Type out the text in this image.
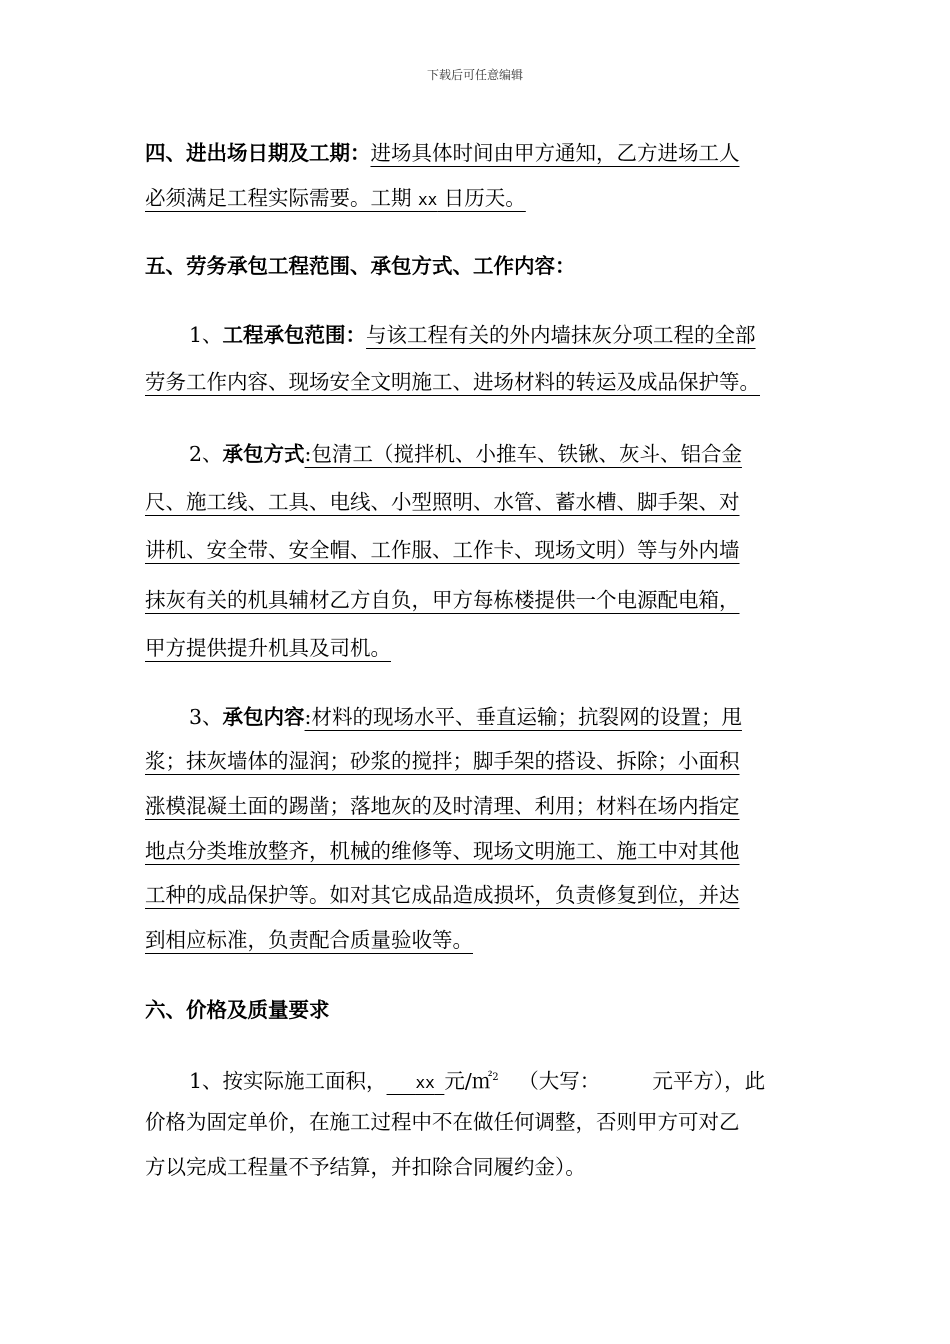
下载后可任意编辑
四、进出场日期及工期：进场具体时间由甲方通知，乙方进场工人
必须满足工程实际需要。工期 xx 日历天。
五、劳务承包工程范围、承包方式、工作内容：
1、工程承包范围：与该工程有关的外内墙抹灰分项工程的全部
劳务工作内容、现场安全文明施工、进场材料的转运及成品保护等。
2、承包方式:包清工（搅拌机、小推车、铁锹、灰斗、铝合金
尺、施工线、工具、电线、小型照明、水管、蓄水槽、脚手架、对
讲机、安全带、安全帽、工作服、工作卡、现场文明）等与外内墙
抹灰有关的机具辅材乙方自负，甲方每栋楼提供一个电源配电箱，
甲方提供提升机具及司机。
3、承包内容:材料的现场水平、垂直运输；抗裂网的设置；甩
浆；抹灰墙体的湿润；砂浆的搅拌；脚手架的搭设、拆除；小面积
涨模混凝土面的踢凿；落地灰的及时清理、利用；材料在场内指定
地点分类堆放整齐，机械的维修等、现场文明施工、施工中对其他
工种的成品保护等。如对其它成品造成损坏，负责修复到位，并达
到相应标准，负责配合质量验收等。
六、价格及质量要求
1、按实际施工面积， xx 元/㎡$^2$ （大写：        元平方），此
价格为固定单价，在施工过程中不在做任何调整，否则甲方可对乙
方以完成工程量不予结算，并扣除合同履约金）。
